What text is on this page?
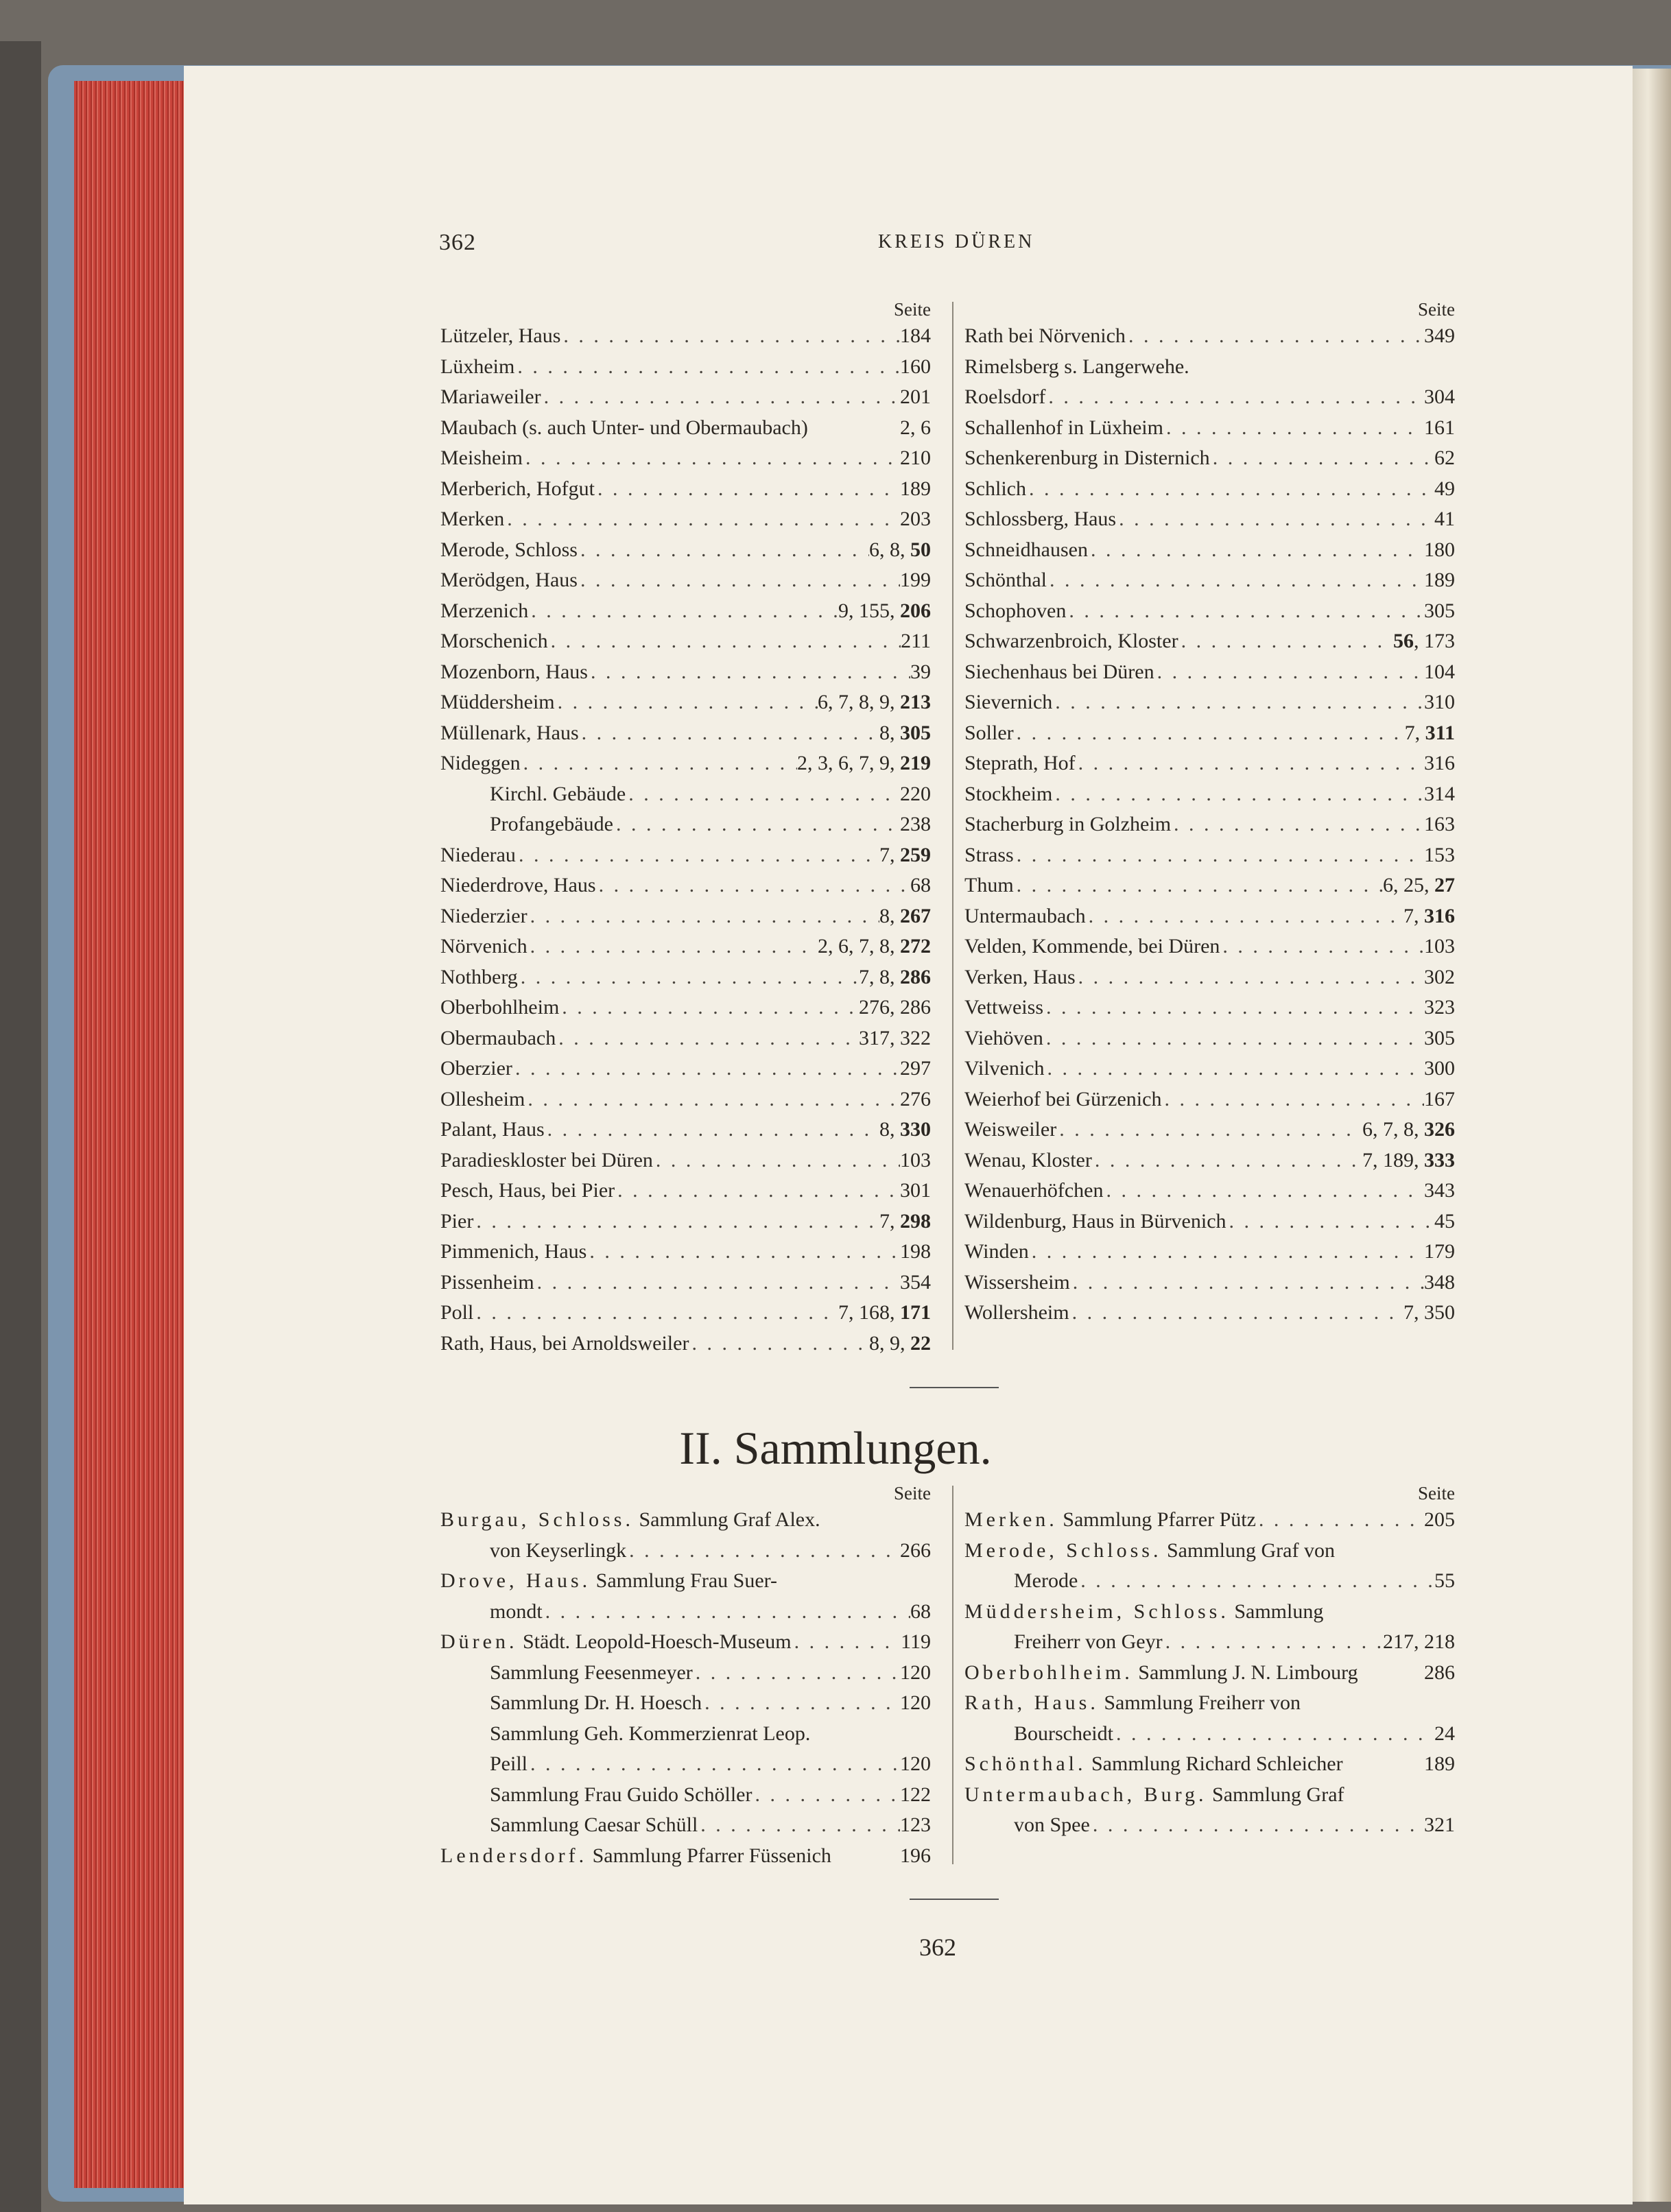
362	KREIS DÜREN
Seite
Lützeler, Haus . . .	184
Lüxheim . . .	160
Mariaweiler . . .	201
Maubach (s. auch Unter- und Obermaubach)	2, 6
Meisheim . . .	210
Merberich, Hofgut . . .	189
Merken . . .	203
Merode, Schloss . . .	6, 8, 50
Merödgen, Haus . . .	199
Merzenich . . .	9, 155, 206
Morschenich . . .	211
Mozenborn, Haus . . .	39
Müddersheim . . .	6, 7, 8, 9, 213
Müllenark, Haus . . .	8, 305
Nideggen . . .	2, 3, 6, 7, 9, 219
Kirchl. Gebäude . . .	220
Profangebäude . . .	238
Niederau . . .	7, 259
Niederdrove, Haus . . .	68
Niederzier . . .	8, 267
Nörvenich . . .	2, 6, 7, 8, 272
Nothberg . . .	7, 8, 286
Oberbohlheim . . .	276, 286
Obermaubach . . .	317, 322
Oberzier . . .	297
Ollesheim . . .	276
Palant, Haus . . .	8, 330
Paradieskloster bei Düren . . .	103
Pesch, Haus, bei Pier . . .	301
Pier . . .	7, 298
Pimmenich, Haus . . .	198
Pissenheim . . .	354
Poll . . .	7, 168, 171
Rath, Haus, bei Arnoldsweiler . . .	8, 9, 22
Seite
Rath bei Nörvenich . . .	349
Rimelsberg s. Langerwehe.
Roelsdorf . . .	304
Schallenhof in Lüxheim . . .	161
Schenkerenburg in Disternich . . .	62
Schlich . . .	49
Schlossberg, Haus . . .	41
Schneidhausen . . .	180
Schönthal . . .	189
Schophoven . . .	305
Schwarzenbroich, Kloster . . .	56, 173
Siechenhaus bei Düren . . .	104
Sievernich . . .	310
Soller . . .	7, 311
Steprath, Hof . . .	316
Stockheim . . .	314
Stacherburg in Golzheim . . .	163
Strass . . .	153
Thum . . .	6, 25, 27
Untermaubach . . .	7, 316
Velden, Kommende, bei Düren . . .	103
Verken, Haus . . .	302
Vettweiss . . .	323
Viehöven . . .	305
Vilvenich . . .	300
Weierhof bei Gürzenich . . .	167
Weisweiler . . .	6, 7, 8, 326
Wenau, Kloster . . .	7, 189, 333
Wenauerhöfchen . . .	343
Wildenburg, Haus in Bürvenich . . .	45
Winden . . .	179
Wissersheim . . .	348
Wollersheim . . .	7, 350
II. Sammlungen.
Seite
Burgau, Schloss. Sammlung Graf Alex.
von Keyserlingk . . .	266
Drove, Haus. Sammlung Frau Suer-
mondt . . .	68
Düren. Städt. Leopold-Hoesch-Museum . . .	119
Sammlung Feesenmeyer . . .	120
Sammlung Dr. H. Hoesch . . .	120
Sammlung Geh. Kommerzienrat Leop.
Peill . . .	120
Sammlung Frau Guido Schöller . . .	122
Sammlung Caesar Schüll . . .	123
Lendersdorf. Sammlung Pfarrer Füssenich	196
Seite
Merken. Sammlung Pfarrer Pütz . . .	205
Merode, Schloss. Sammlung Graf von
Merode . . .	55
Müddersheim, Schloss. Sammlung
Freiherr von Geyr . . .	217, 218
Oberbohlheim. Sammlung J. N. Limbourg	286
Rath, Haus. Sammlung Freiherr von
Bourscheidt . . .	24
Schönthal. Sammlung Richard Schleicher	189
Untermaubach, Burg. Sammlung Graf
von Spee . . .	321
362
